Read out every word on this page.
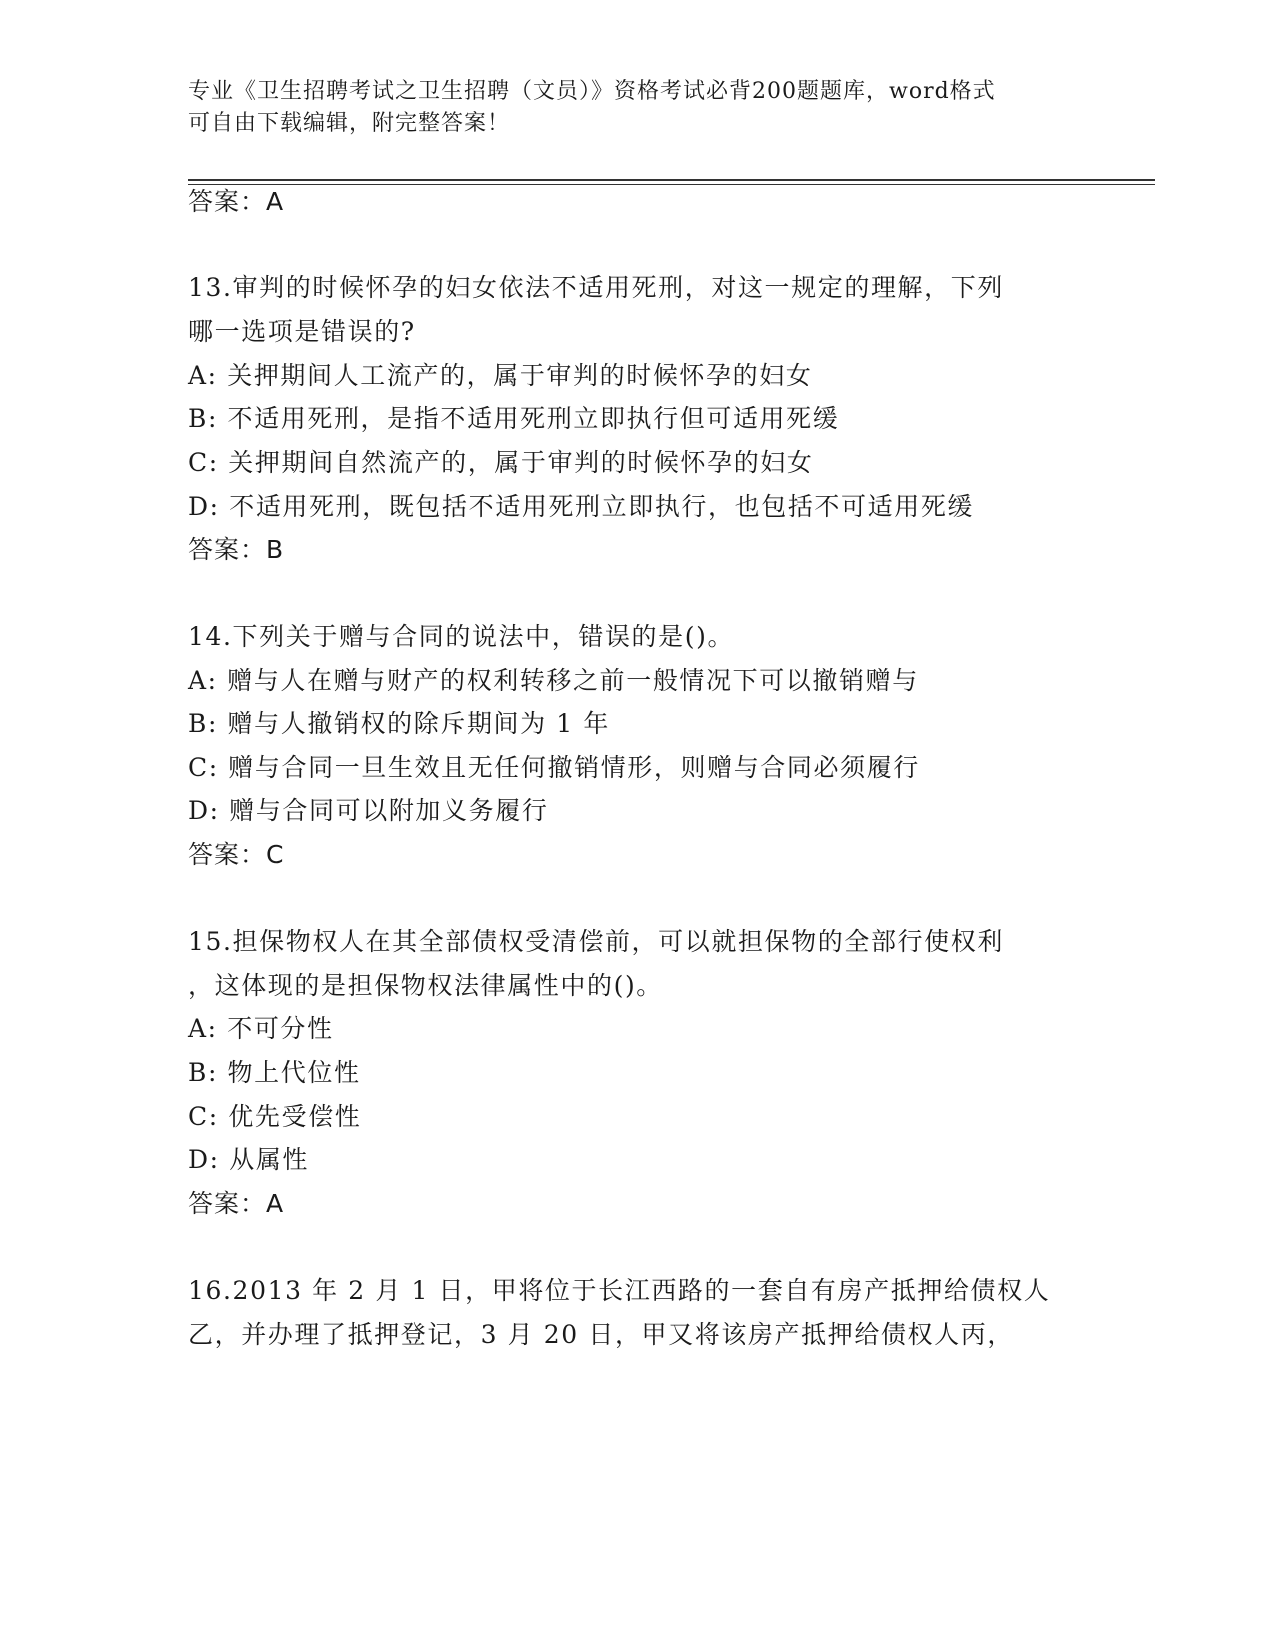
专业《卫生招聘考试之卫生招聘（文员）》资格考试必背200题题库，word格式
可自由下载编辑，附完整答案！
答案：A
13.审判的时候怀孕的妇女依法不适用死刑，对这一规定的理解，下列
哪一选项是错误的?
A: 关押期间人工流产的，属于审判的时候怀孕的妇女
B: 不适用死刑，是指不适用死刑立即执行但可适用死缓
C: 关押期间自然流产的，属于审判的时候怀孕的妇女
D: 不适用死刑，既包括不适用死刑立即执行，也包括不可适用死缓
答案：B
14.下列关于赠与合同的说法中，错误的是()。
A: 赠与人在赠与财产的权利转移之前一般情况下可以撤销赠与
B: 赠与人撤销权的除斥期间为 1 年
C: 赠与合同一旦生效且无任何撤销情形，则赠与合同必须履行
D: 赠与合同可以附加义务履行
答案：C
15.担保物权人在其全部债权受清偿前，可以就担保物的全部行使权利
，这体现的是担保物权法律属性中的()。
A: 不可分性
B: 物上代位性
C: 优先受偿性
D: 从属性
答案：A
16.2013 年 2 月 1 日，甲将位于长江西路的一套自有房产抵押给债权人
乙，并办理了抵押登记，3 月 20 日，甲又将该房产抵押给债权人丙，
